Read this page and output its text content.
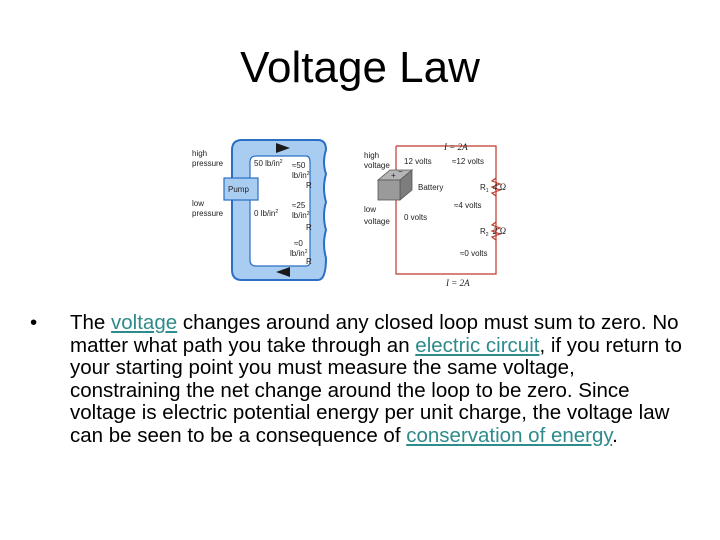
Voltage Law
Pump
high
pressure
low
pressure
50 $lb/in^2$
0 $lb/in^2$
≈50
$lb/in^2$
R
≈25
$lb/in^2$
R
≈0
$lb/in^2$
R
+ −
Battery	$R_1$ 4 Ω
$R_2$ 2 Ω
I = 2A
I = 2A
high
voltage
low
voltage
12 volts	≈12 volts
≈4 volts
0 volts
≈0 volts
• The voltage changes around any closed loop must sum to zero. No matter what path you take through an electric circuit, if you return to your starting point you must measure the same voltage, constraining the net change around the loop to be zero. Since voltage is electric potential energy per unit charge, the voltage law can be seen to be a consequence of conservation of energy.
